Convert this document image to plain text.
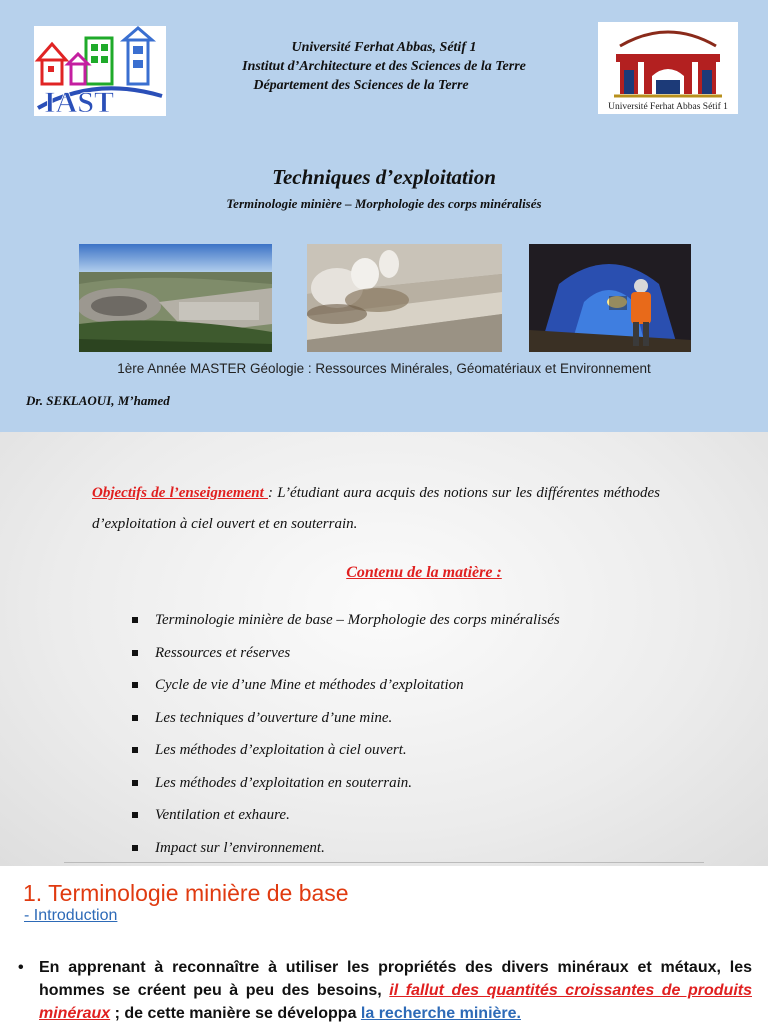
IAST
Université Ferhat Abbas, Sétif 1
Institut d’Architecture et des Sciences de la Terre
Département des Sciences de la Terre
Université Ferhat Abbas Sétif 1
Techniques d’exploitation
Terminologie minière – Morphologie des corps minéralisés
1ère Année MASTER Géologie : Ressources Minérales, Géomatériaux et Environnement
Dr. SEKLAOUI, M’hamed

Objectifs de l’enseignement : L’étudiant aura acquis des notions sur les différentes méthodes d’exploitation à ciel ouvert et en souterrain.

Contenu de la matière :
Terminologie minière de base – Morphologie des corps minéralisés
Ressources et réserves
Cycle de vie d’une Mine et méthodes d’exploitation
Les techniques d’ouverture d’une mine.
Les méthodes d’exploitation à ciel ouvert.
Les méthodes d’exploitation en souterrain.
Ventilation et exhaure.
Impact sur l’environnement.
1. Terminologie minière de base
- Introduction
• En apprenant à reconnaître à utiliser les propriétés des divers minéraux et métaux, les hommes se créent peu à peu des besoins, il fallut des quantités croissantes de produits minéraux ; de cette manière se développa la recherche minière.
